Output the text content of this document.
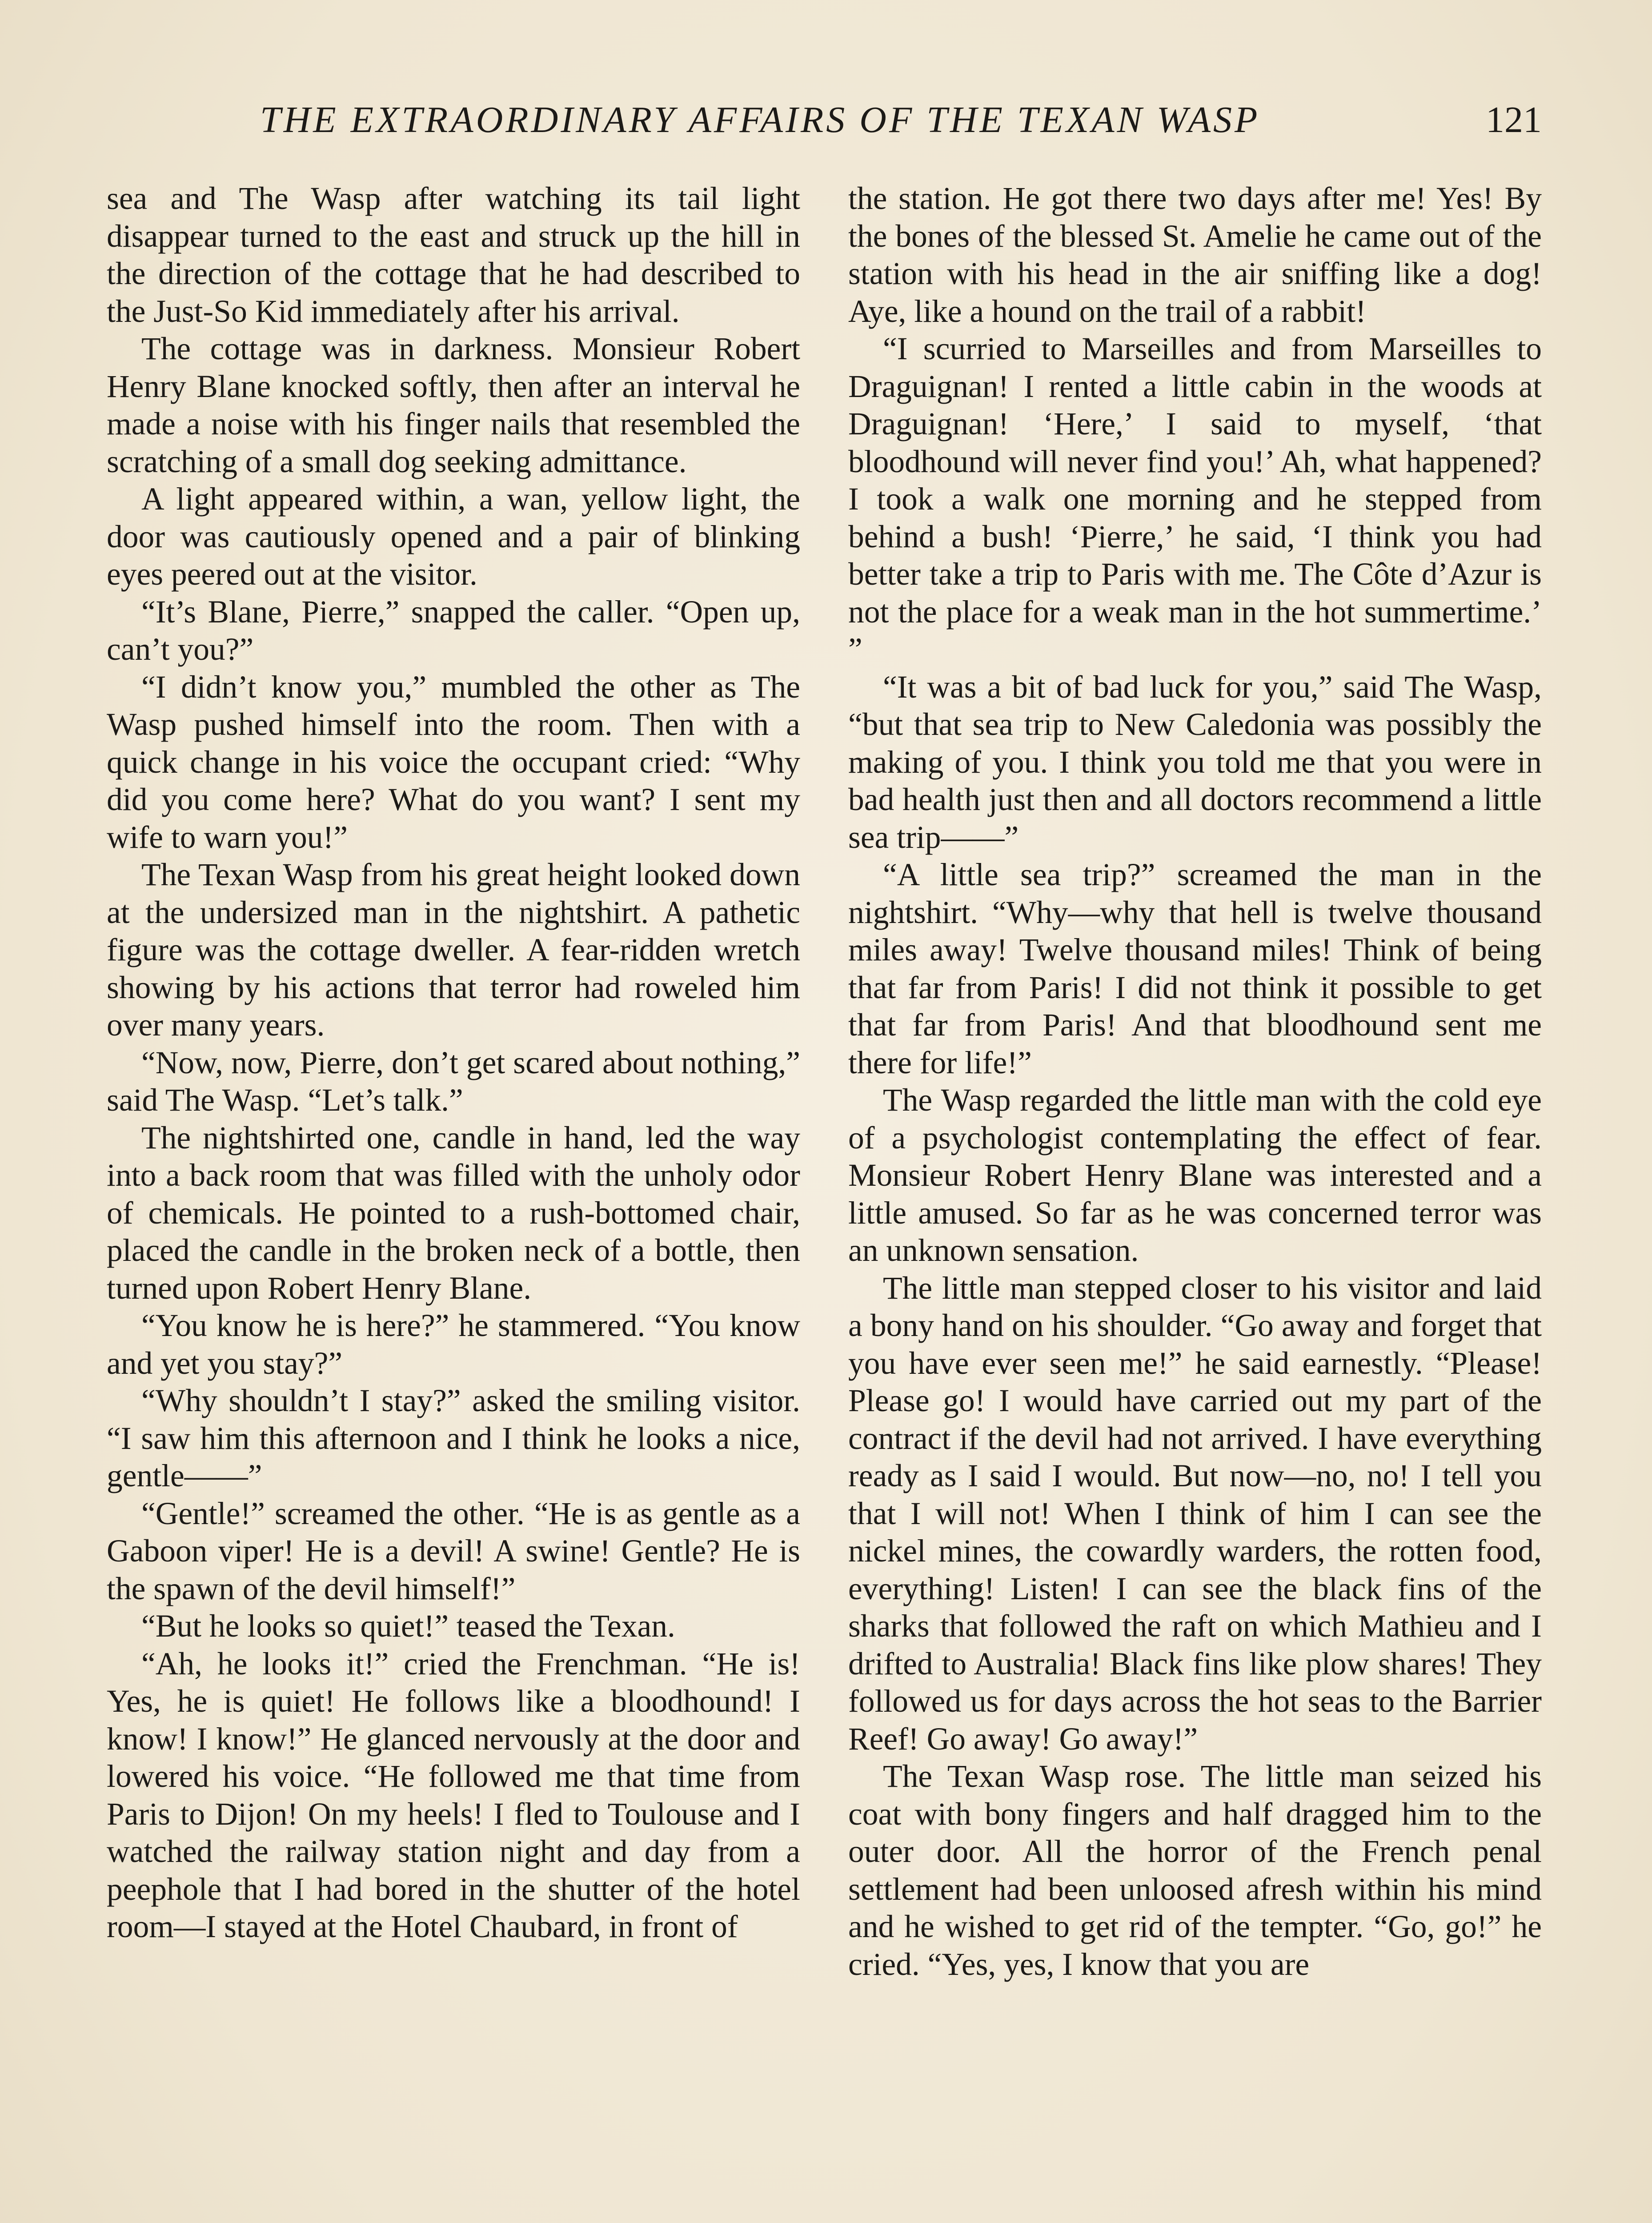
THE EXTRAORDINARY AFFAIRS OF THE TEXAN WASP	121

sea and The Wasp after watching its tail light disappear turned to the east and struck up the hill in the direction of the cottage that he had described to the Just-So Kid immediately after his arrival.

The cottage was in darkness. Monsieur Robert Henry Blane knocked softly, then after an interval he made a noise with his finger nails that resembled the scratching of a small dog seeking admittance.

A light appeared within, a wan, yellow light, the door was cautiously opened and a pair of blinking eyes peered out at the visitor.

“It’s Blane, Pierre,” snapped the caller. “Open up, can’t you?”

“I didn’t know you,” mumbled the other as The Wasp pushed himself into the room. Then with a quick change in his voice the occupant cried: “Why did you come here? What do you want? I sent my wife to warn you!”

The Texan Wasp from his great height looked down at the undersized man in the nightshirt. A pathetic figure was the cottage dweller. A fear-ridden wretch showing by his actions that terror had roweled him over many years.

“Now, now, Pierre, don’t get scared about nothing,” said The Wasp. “Let’s talk.”

The nightshirted one, candle in hand, led the way into a back room that was filled with the unholy odor of chemicals. He pointed to a rush-bottomed chair, placed the candle in the broken neck of a bottle, then turned upon Robert Henry Blane.

“You know he is here?” he stammered. “You know and yet you stay?”

“Why shouldn’t I stay?” asked the smiling visitor. “I saw him this afternoon and I think he looks a nice, gentle——”

“Gentle!” screamed the other. “He is as gentle as a Gaboon viper! He is a devil! A swine! Gentle? He is the spawn of the devil himself!”

“But he looks so quiet!” teased the Texan.

“Ah, he looks it!” cried the Frenchman. “He is! Yes, he is quiet! He follows like a bloodhound! I know! I know!” He glanced nervously at the door and lowered his voice. “He followed me that time from Paris to Dijon! On my heels! I fled to Toulouse and I watched the railway station night and day from a peephole that I had bored in the shutter of the hotel room—I stayed at the Hotel Chaubard, in front of

the station. He got there two days after me! Yes! By the bones of the blessed St. Amelie he came out of the station with his head in the air sniffing like a dog! Aye, like a hound on the trail of a rabbit!

“I scurried to Marseilles and from Marseilles to Draguignan! I rented a little cabin in the woods at Draguignan! ‘Here,’ I said to myself, ‘that bloodhound will never find you!’ Ah, what happened? I took a walk one morning and he stepped from behind a bush! ‘Pierre,’ he said, ‘I think you had better take a trip to Paris with me. The Côte d’Azur is not the place for a weak man in the hot summertime.’ ”

“It was a bit of bad luck for you,” said The Wasp, “but that sea trip to New Caledonia was possibly the making of you. I think you told me that you were in bad health just then and all doctors recommend a little sea trip——”

“A little sea trip?” screamed the man in the nightshirt. “Why—why that hell is twelve thousand miles away! Twelve thousand miles! Think of being that far from Paris! I did not think it possible to get that far from Paris! And that bloodhound sent me there for life!”

The Wasp regarded the little man with the cold eye of a psychologist contemplating the effect of fear. Monsieur Robert Henry Blane was interested and a little amused. So far as he was concerned terror was an unknown sensation.

The little man stepped closer to his visitor and laid a bony hand on his shoulder. “Go away and forget that you have ever seen me!” he said earnestly. “Please! Please go! I would have carried out my part of the contract if the devil had not arrived. I have everything ready as I said I would. But now—no, no! I tell you that I will not! When I think of him I can see the nickel mines, the cowardly warders, the rotten food, everything! Listen! I can see the black fins of the sharks that followed the raft on which Mathieu and I drifted to Australia! Black fins like plow shares! They followed us for days across the hot seas to the Barrier Reef! Go away! Go away!”

The Texan Wasp rose. The little man seized his coat with bony fingers and half dragged him to the outer door. All the horror of the French penal settlement had been unloosed afresh within his mind and he wished to get rid of the tempter. “Go, go!” he cried. “Yes, yes, I know that you are
